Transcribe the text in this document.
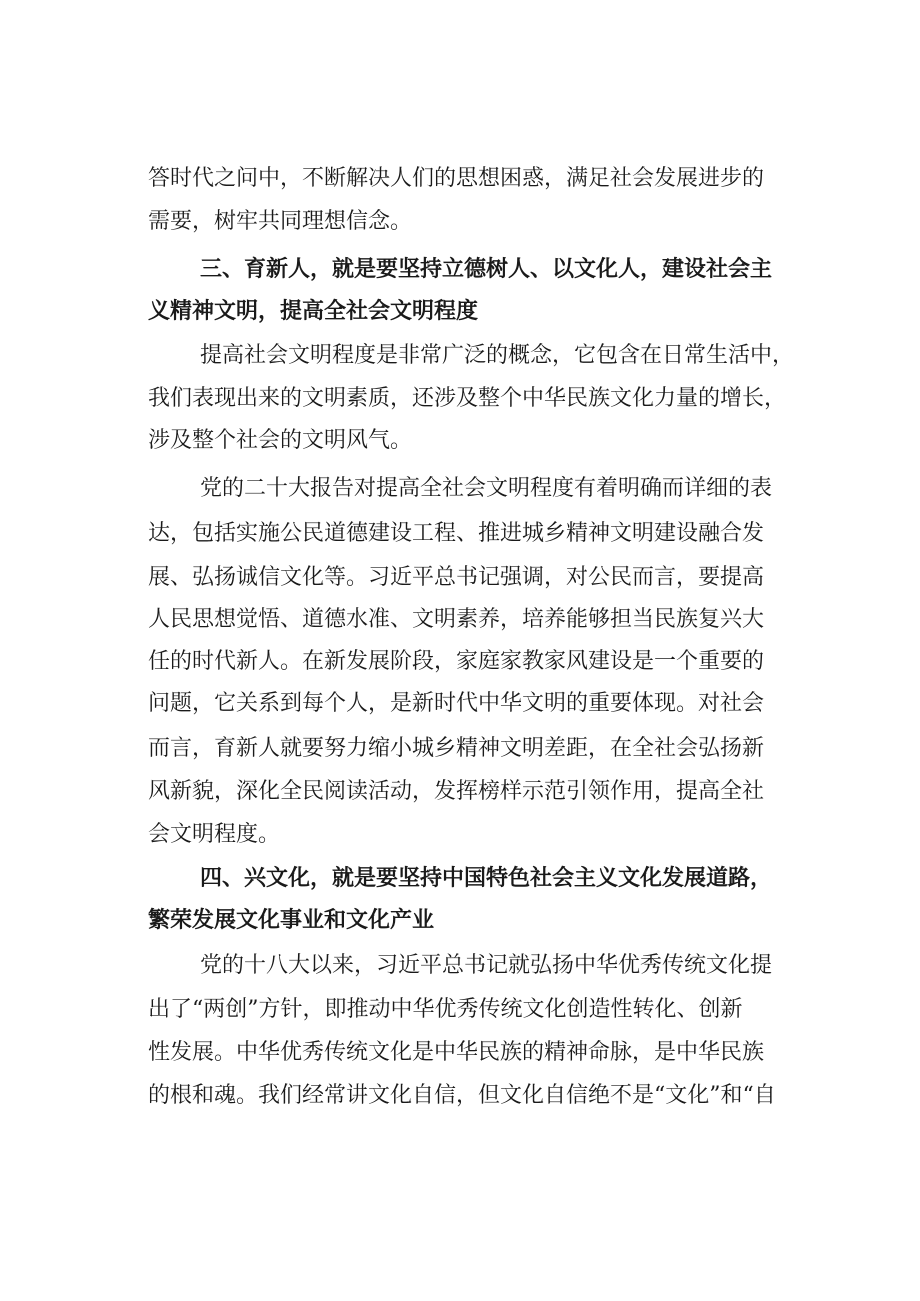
答时代之问中，不断解决人们的思想困惑，满足社会发展进步的
需要，树牢共同理想信念。
三、育新人，就是要坚持立德树人、以文化人，建设社会主
义精神文明，提高全社会文明程度
提高社会文明程度是非常广泛的概念，它包含在日常生活中，
我们表现出来的文明素质，还涉及整个中华民族文化力量的增长，
涉及整个社会的文明风气。
党的二十大报告对提高全社会文明程度有着明确而详细的表
达，包括实施公民道德建设工程、推进城乡精神文明建设融合发
展、弘扬诚信文化等。习近平总书记强调，对公民而言，要提高
人民思想觉悟、道德水准、文明素养，培养能够担当民族复兴大
任的时代新人。在新发展阶段，家庭家教家风建设是一个重要的
问题，它关系到每个人，是新时代中华文明的重要体现。对社会
而言，育新人就要努力缩小城乡精神文明差距，在全社会弘扬新
风新貌，深化全民阅读活动，发挥榜样示范引领作用，提高全社
会文明程度。
四、兴文化，就是要坚持中国特色社会主义文化发展道路，
繁荣发展文化事业和文化产业
党的十八大以来，习近平总书记就弘扬中华优秀传统文化提
出了“两创”方针，即推动中华优秀传统文化创造性转化、创新
性发展。中华优秀传统文化是中华民族的精神命脉，是中华民族
的根和魂。我们经常讲文化自信，但文化自信绝不是“文化”和“自
